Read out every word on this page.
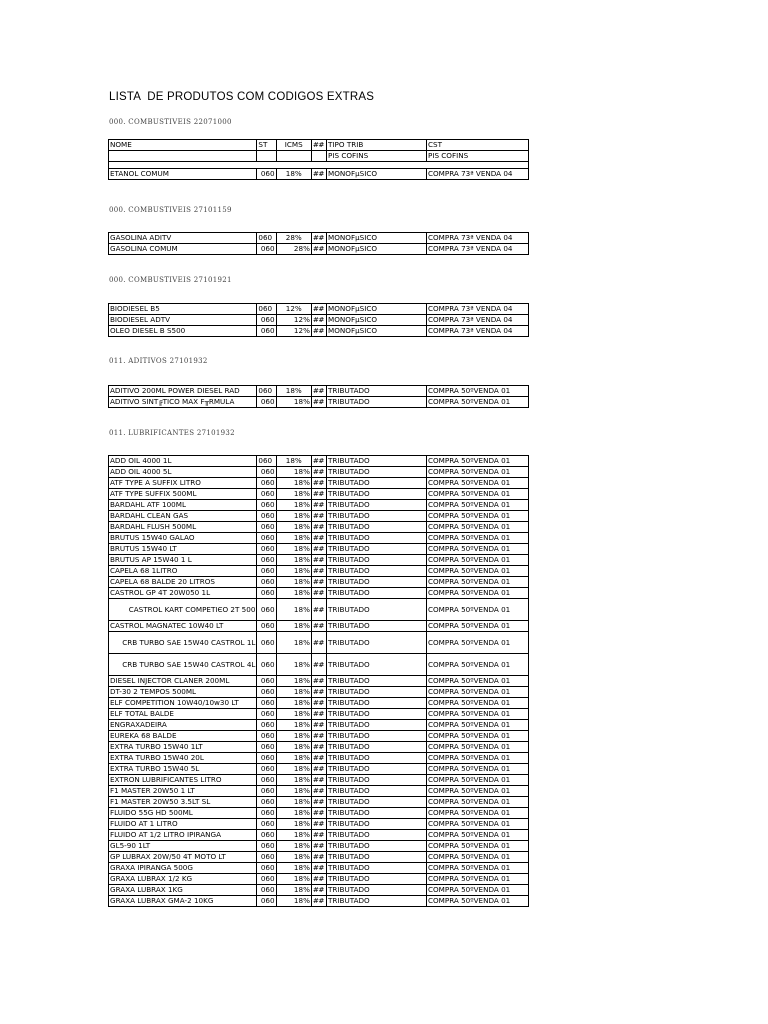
LISTA  DE PRODUTOS COM CODIGOS EXTRAS
000. COMBUSTIVEIS 22071000
NOME	ST	ICMS	##	TIPO TRIB	CST
				PIS COFINS	PIS COFINS

ETANOL COMUM	060	18%	##	MONOFµSICO	COMPRA 73ª VENDA 04
000. COMBUSTIVEIS 27101159
GASOLINA ADITV	060	28%	##	MONOFµSICO	COMPRA 73ª VENDA 04
GASOLINA COMUM	060	28%	##	MONOFµSICO	COMPRA 73ª VENDA 04
000. COMBUSTIVEIS 27101921
BIODIESEL B5	060	12%	##	MONOFµSICO	COMPRA 73ª VENDA 04
BIODIESEL ADTV	060	12%	##	MONOFµSICO	COMPRA 73ª VENDA 04
OLEO DIESEL B S500	060	12%	##	MONOFµSICO	COMPRA 73ª VENDA 04
011. ADITIVOS 27101932
ADITIVO 200ML POWER DIESEL RAD	060	18%	##	TRIBUTADO	COMPRA 50ºVENDA 01
ADITIVO SINT╔TICO MAX F╥RMULA	060	18%	##	TRIBUTADO	COMPRA 50ºVENDA 01
011. LUBRIFICANTES 27101932
ADD OIL 4000 1L	060	18%	##	TRIBUTADO	COMPRA 50ºVENDA 01
ADD OIL 4000 5L	060	18%	##	TRIBUTADO	COMPRA 50ºVENDA 01
ATF TYPE A SUFFIX LITRO	060	18%	##	TRIBUTADO	COMPRA 50ºVENDA 01
ATF TYPE SUFFIX 500ML	060	18%	##	TRIBUTADO	COMPRA 50ºVENDA 01
BARDAHL ATF 100ML	060	18%	##	TRIBUTADO	COMPRA 50ºVENDA 01
BARDAHL CLEAN GAS	060	18%	##	TRIBUTADO	COMPRA 50ºVENDA 01
BARDAHL FLUSH 500ML	060	18%	##	TRIBUTADO	COMPRA 50ºVENDA 01
BRUTUS 15W40 GALAO	060	18%	##	TRIBUTADO	COMPRA 50ºVENDA 01
BRUTUS 15W40 LT	060	18%	##	TRIBUTADO	COMPRA 50ºVENDA 01
BRUTUS AP 15W40 1 L	060	18%	##	TRIBUTADO	COMPRA 50ºVENDA 01
CAPELA 68 1LITRO	060	18%	##	TRIBUTADO	COMPRA 50ºVENDA 01
CAPELA 68 BALDE 20 LITROS	060	18%	##	TRIBUTADO	COMPRA 50ºVENDA 01
CASTROL GP 4T 20W050 1L	060	18%	##	TRIBUTADO	COMPRA 50ºVENDA 01
CASTROL KART COMPETIЄO 2T 500	060	18%	##	TRIBUTADO	COMPRA 50ºVENDA 01
CASTROL MAGNATEC 10W40 LT	060	18%	##	TRIBUTADO	COMPRA 50ºVENDA 01
CRB TURBO SAE 15W40 CASTROL 1L	060	18%	##	TRIBUTADO	COMPRA 50ºVENDA 01
CRB TURBO SAE 15W40 CASTROL 4L	060	18%	##	TRIBUTADO	COMPRA 50ºVENDA 01
DIESEL INJECTOR CLANER 200ML	060	18%	##	TRIBUTADO	COMPRA 50ºVENDA 01
DT-30 2 TEMPOS 500ML	060	18%	##	TRIBUTADO	COMPRA 50ºVENDA 01
ELF COMPETITION 10W40/10w30 LT	060	18%	##	TRIBUTADO	COMPRA 50ºVENDA 01
ELF TOTAL BALDE	060	18%	##	TRIBUTADO	COMPRA 50ºVENDA 01
ENGRAXADEIRA	060	18%	##	TRIBUTADO	COMPRA 50ºVENDA 01
EUREKA 68 BALDE	060	18%	##	TRIBUTADO	COMPRA 50ºVENDA 01
EXTRA TURBO 15W40 1LT	060	18%	##	TRIBUTADO	COMPRA 50ºVENDA 01
EXTRA TURBO 15W40 20L	060	18%	##	TRIBUTADO	COMPRA 50ºVENDA 01
EXTRA TURBO 15W40 5L	060	18%	##	TRIBUTADO	COMPRA 50ºVENDA 01
EXTRON LUBRIFICANTES LITRO	060	18%	##	TRIBUTADO	COMPRA 50ºVENDA 01
F1 MASTER 20W50 1 LT	060	18%	##	TRIBUTADO	COMPRA 50ºVENDA 01
F1 MASTER 20W50 3.5LT SL	060	18%	##	TRIBUTADO	COMPRA 50ºVENDA 01
FLUIDO 55G HD 500ML	060	18%	##	TRIBUTADO	COMPRA 50ºVENDA 01
FLUIDO AT 1 LITRO	060	18%	##	TRIBUTADO	COMPRA 50ºVENDA 01
FLUIDO AT 1/2 LITRO IPIRANGA	060	18%	##	TRIBUTADO	COMPRA 50ºVENDA 01
GL5-90 1LT	060	18%	##	TRIBUTADO	COMPRA 50ºVENDA 01
GP LUBRAX 20W/50 4T MOTO LT	060	18%	##	TRIBUTADO	COMPRA 50ºVENDA 01
GRAXA IPIRANGA 500G	060	18%	##	TRIBUTADO	COMPRA 50ºVENDA 01
GRAXA LUBRAX 1/2 KG	060	18%	##	TRIBUTADO	COMPRA 50ºVENDA 01
GRAXA LUBRAX 1KG	060	18%	##	TRIBUTADO	COMPRA 50ºVENDA 01
GRAXA LUBRAX GMA-2 10KG	060	18%	##	TRIBUTADO	COMPRA 50ºVENDA 01
